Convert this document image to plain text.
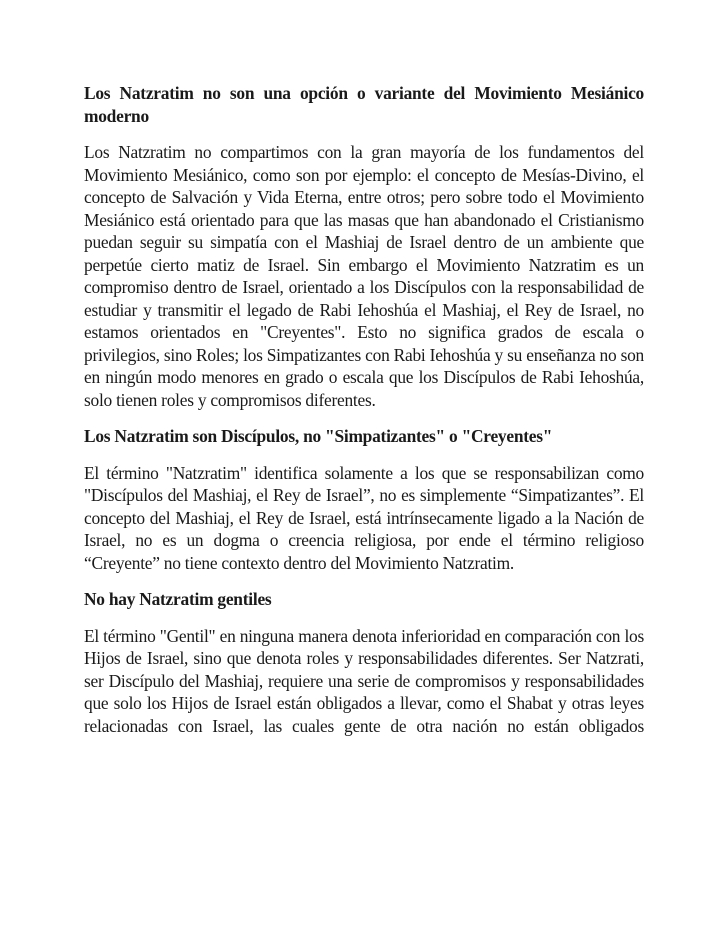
Los Natzratim no son una opción o variante del Movimiento Mesiánico moderno
Los Natzratim no compartimos con la gran mayoría de los fundamentos del Movimiento Mesiánico, como son por ejemplo: el concepto de Mesías-Divino, el concepto de Salvación y Vida Eterna, entre otros; pero sobre todo el Movimiento Mesiánico está orientado para que las masas que han abandonado el Cristianismo puedan seguir su simpatía con el Mashiaj de Israel dentro de un ambiente que perpetúe cierto matiz de Israel. Sin embargo el Movimiento Natzratim es un compromiso dentro de Israel, orientado a los Discípulos con la responsabilidad de estudiar y transmitir el legado de Rabi Iehoshúa el Mashiaj, el Rey de Israel, no estamos orientados en "Creyentes". Esto no significa grados de escala o privilegios, sino Roles; los Simpatizantes con Rabi Iehoshúa y su enseñanza no son en ningún modo menores en grado o escala que los Discípulos de Rabi Iehoshúa, solo tienen roles y compromisos diferentes.
Los Natzratim son Discípulos, no "Simpatizantes" o "Creyentes"
El término "Natzratim" identifica solamente a los que se responsabilizan como "Discípulos del Mashiaj, el Rey de Israel”, no es simplemente “Simpatizantes”. El concepto del Mashiaj, el Rey de Israel, está intrínsecamente ligado a la Nación de Israel, no es un dogma o creencia religiosa, por ende el término religioso “Creyente” no tiene contexto dentro del Movimiento Natzratim.
No hay Natzratim gentiles
El término "Gentil" en ninguna manera denota inferioridad en comparación con los Hijos de Israel, sino que denota roles y responsabilidades diferentes. Ser Natzrati, ser Discípulo del Mashiaj, requiere una serie de compromisos y responsabilidades que solo los Hijos de Israel están obligados a llevar, como el Shabat y otras leyes relacionadas con Israel, las cuales gente de otra nación no están obligados
